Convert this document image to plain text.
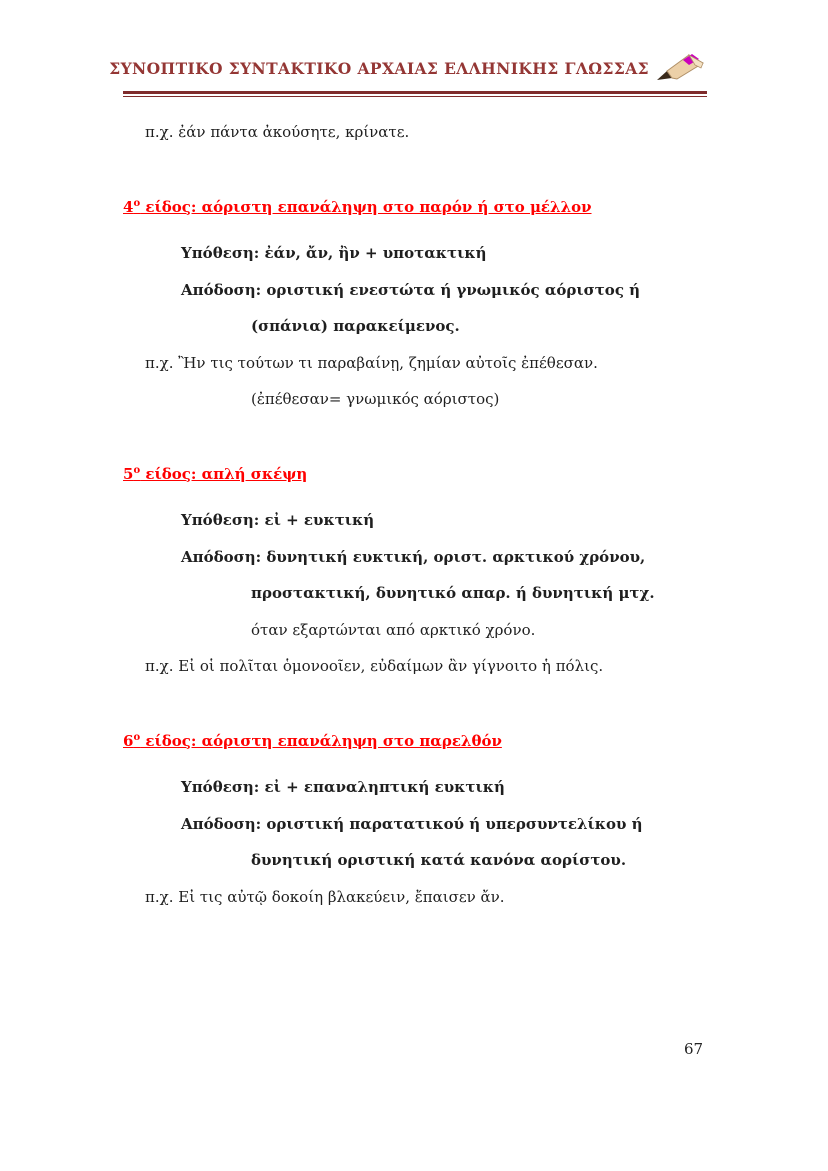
ΣΥΝΟΠΤΙΚΟ ΣΥΝΤΑΚΤΙΚΟ ΑΡΧΑΙΑΣ ΕΛΛΗΝΙΚΗΣ ΓΛΩΣΣΑΣ

π.χ. ἐάν πάντα ἀκούσητε, κρίνατε.

$4^o$ είδος: αόριστη επανάληψη στο παρόν ή στο μέλλον

Υπόθεση: ἐάν, ἄν, ἢν + υποτακτική

Απόδοση: οριστική ενεστώτα ή γνωμικός αόριστος ή

(σπάνια) παρακείμενος.

π.χ. Ἢν τις τούτων τι παραβαίνῃ, ζημίαν αὐτοῖς ἐπέθεσαν.

(ἐπέθεσαν= γνωμικός αόριστος)

$5^o$ είδος: απλή σκέψη

Υπόθεση: εἰ + ευκτική

Απόδοση: δυνητική ευκτική, οριστ. αρκτικού χρόνου,

προστακτική, δυνητικό απαρ. ή δυνητική μτχ.

όταν εξαρτώνται από αρκτικό χρόνο.

π.χ. Εἰ οἱ πολῖται ὁμονοοῖεν, εὐδαίμων ἂν γίγνοιτο ἡ πόλις.

$6^o$ είδος: αόριστη επανάληψη στο παρελθόν

Υπόθεση: εἰ + επαναληπτική ευκτική

Απόδοση: οριστική παρατατικού ή υπερσυντελίκου ή

δυνητική οριστική κατά κανόνα αορίστου.

π.χ. Εἰ τις αὐτῷ δοκοίη βλακεύειν, ἔπαισεν ἄν.

67
